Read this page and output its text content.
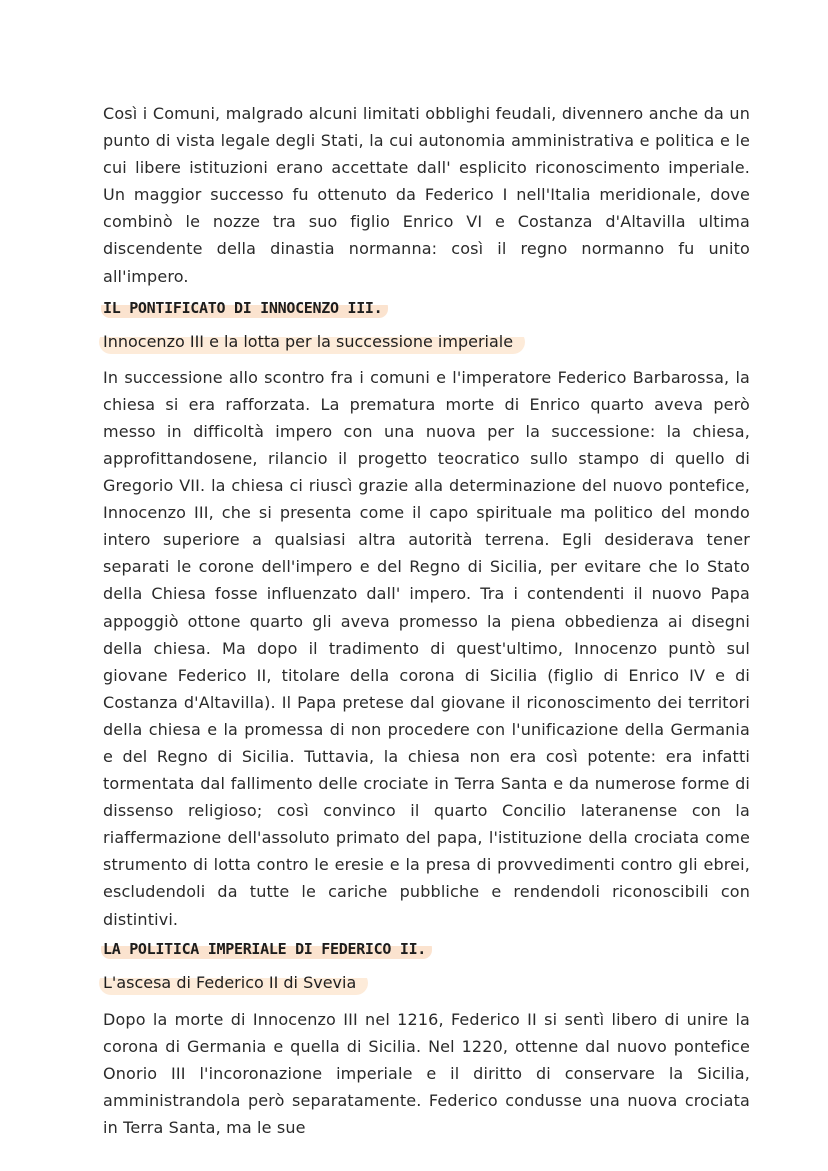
Così i Comuni, malgrado alcuni limitati obblighi feudali, divennero anche da un punto di vista legale degli Stati, la cui autonomia amministrativa e politica e le cui libere istituzioni erano accettate dall' esplicito riconoscimento imperiale. Un maggior successo fu ottenuto da Federico I nell'Italia meridionale, dove combinò le nozze tra suo figlio Enrico VI e Costanza d'Altavilla ultima discendente della dinastia normanna: così il regno normanno fu unito all'impero.

IL PONTIFICATO DI INNOCENZO III.
Innocenzo III e la lotta per la successione imperiale

In successione allo scontro fra i comuni e l'imperatore Federico Barbarossa, la chiesa si era rafforzata. La prematura morte di Enrico quarto aveva però messo in difficoltà impero con una nuova per la successione: la chiesa, approfittandosene, rilancio il progetto teocratico sullo stampo di quello di Gregorio VII. la chiesa ci riuscì grazie alla determinazione del nuovo pontefice, Innocenzo III, che si presenta come il capo spirituale ma politico del mondo intero superiore a qualsiasi altra autorità terrena. Egli desiderava tener separati le corone dell'impero e del Regno di Sicilia, per evitare che lo Stato della Chiesa fosse influenzato dall' impero. Tra i contendenti il nuovo Papa appoggiò ottone quarto gli aveva promesso la piena obbedienza ai disegni della chiesa. Ma dopo il tradimento di quest'ultimo, Innocenzo puntò sul giovane Federico II, titolare della corona di Sicilia (figlio di Enrico IV e di Costanza d'Altavilla). Il Papa pretese dal giovane il riconoscimento dei territori della chiesa e la promessa di non procedere con l'unificazione della Germania e del Regno di Sicilia. Tuttavia, la chiesa non era così potente: era infatti tormentata dal fallimento delle crociate in Terra Santa e da numerose forme di dissenso religioso; così convinco il quarto Concilio lateranense con la riaffermazione dell'assoluto primato del papa, l'istituzione della crociata come strumento di lotta contro le eresie e la presa di provvedimenti contro gli ebrei, escludendoli da tutte le cariche pubbliche e rendendoli riconoscibili con distintivi.

LA POLITICA IMPERIALE DI FEDERICO II.
L'ascesa di Federico II di Svevia

Dopo la morte di Innocenzo III nel 1216, Federico II si sentì libero di unire la corona di Germania e quella di Sicilia. Nel 1220, ottenne dal nuovo pontefice Onorio III l'incoronazione imperiale e il diritto di conservare la Sicilia, amministrandola però separatamente. Federico condusse una nuova crociata in Terra Santa, ma le sue
